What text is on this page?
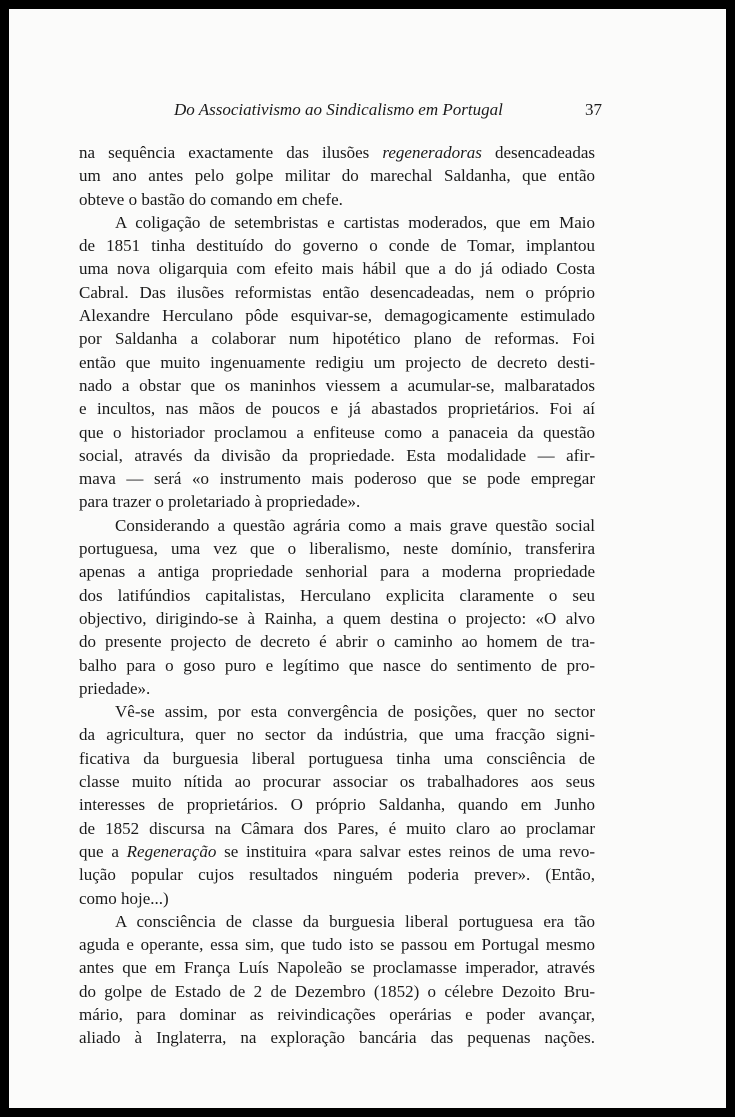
Do Associativismo ao Sindicalismo em Portugal	37
na sequência exactamente das ilusões regeneradoras desencadeadas
um ano antes pelo golpe militar do marechal Saldanha, que então
obteve o bastão do comando em chefe.
A coligação de setembristas e cartistas moderados, que em Maio
de 1851 tinha destituído do governo o conde de Tomar, implantou
uma nova oligarquia com efeito mais hábil que a do já odiado Costa
Cabral. Das ilusões reformistas então desencadeadas, nem o próprio
Alexandre Herculano pôde esquivar-se, demagogicamente estimulado
por Saldanha a colaborar num hipotético plano de reformas. Foi
então que muito ingenuamente redigiu um projecto de decreto desti-
nado a obstar que os maninhos viessem a acumular-se, malbaratados
e incultos, nas mãos de poucos e já abastados proprietários. Foi aí
que o historiador proclamou a enfiteuse como a panaceia da questão
social, através da divisão da propriedade. Esta modalidade — afir-
mava — será «o instrumento mais poderoso que se pode empregar
para trazer o proletariado à propriedade».
Considerando a questão agrária como a mais grave questão social
portuguesa, uma vez que o liberalismo, neste domínio, transferira
apenas a antiga propriedade senhorial para a moderna propriedade
dos latifúndios capitalistas, Herculano explicita claramente o seu
objectivo, dirigindo-se à Rainha, a quem destina o projecto: «O alvo
do presente projecto de decreto é abrir o caminho ao homem de tra-
balho para o goso puro e legítimo que nasce do sentimento de pro-
priedade».
Vê-se assim, por esta convergência de posições, quer no sector
da agricultura, quer no sector da indústria, que uma fracção signi-
ficativa da burguesia liberal portuguesa tinha uma consciência de
classe muito nítida ao procurar associar os trabalhadores aos seus
interesses de proprietários. O próprio Saldanha, quando em Junho
de 1852 discursa na Câmara dos Pares, é muito claro ao proclamar
que a Regeneração se instituira «para salvar estes reinos de uma revo-
lução popular cujos resultados ninguém poderia prever». (Então,
como hoje...)
A consciência de classe da burguesia liberal portuguesa era tão
aguda e operante, essa sim, que tudo isto se passou em Portugal mesmo
antes que em França Luís Napoleão se proclamasse imperador, através
do golpe de Estado de 2 de Dezembro (1852) o célebre Dezoito Bru-
mário, para dominar as reivindicações operárias e poder avançar,
aliado à Inglaterra, na exploração bancária das pequenas nações.
